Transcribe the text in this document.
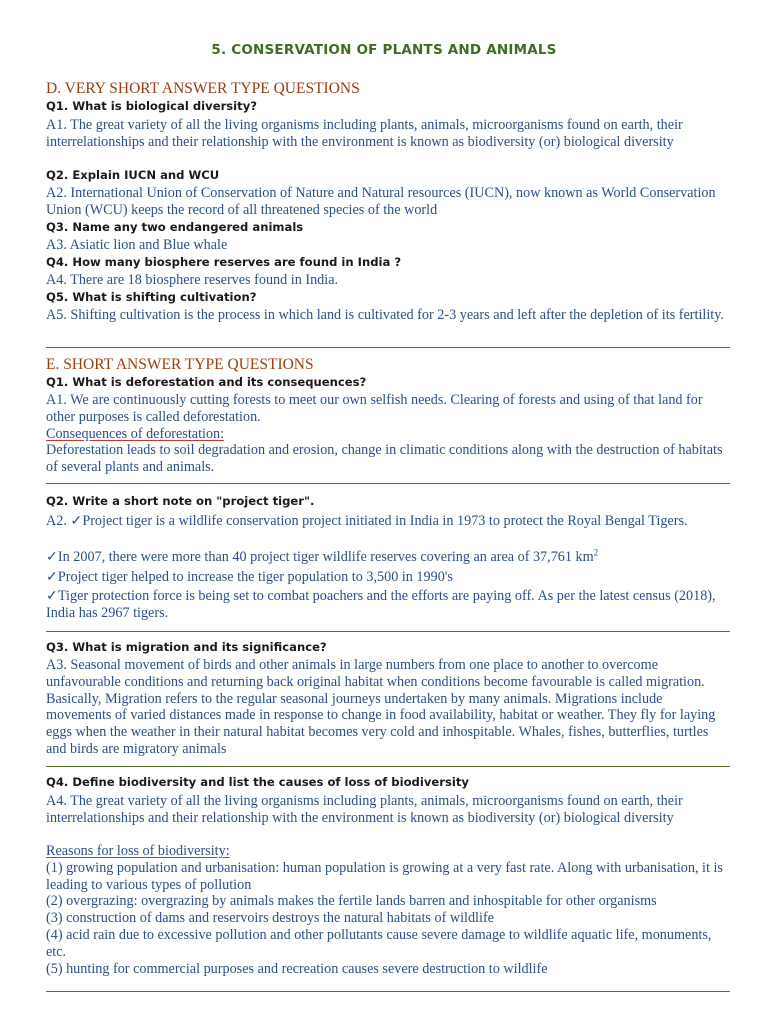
5. CONSERVATION OF PLANTS AND ANIMALS
D. VERY SHORT ANSWER TYPE QUESTIONS
Q1. What is biological diversity?
A1. The great variety of all the living organisms including plants, animals, microorganisms found on earth, their interrelationships and their relationship with the environment is known as biodiversity (or) biological diversity
Q2. Explain IUCN and WCU
A2. International Union of Conservation of Nature and Natural resources (IUCN), now known as World Conservation Union (WCU) keeps the record of all threatened species of the world
Q3. Name any two endangered animals
A3. Asiatic lion and Blue whale
Q4. How many biosphere reserves are found in India ?
A4. There are 18 biosphere reserves found in India.
Q5. What is shifting cultivation?
A5. Shifting cultivation is the process in which land is cultivated for 2-3 years and left after the depletion of its fertility.
E. SHORT ANSWER TYPE QUESTIONS
Q1. What is deforestation and its consequences?
A1. We are continuously cutting forests to meet our own selfish needs. Clearing of forests and using of that land for other purposes is called deforestation.
Consequences of deforestation:
Deforestation leads to soil degradation and erosion, change in climatic conditions along with the destruction of habitats of several plants and animals.
Q2. Write a short note on "project tiger".
A2. ✓Project tiger is a wildlife conservation project initiated in India in 1973 to protect the Royal Bengal Tigers.
✓In 2007, there were more than 40 project tiger wildlife reserves covering an area of 37,761 $km^2$
✓Project tiger helped to increase the tiger population to 3,500 in 1990's
✓Tiger protection force is being set to combat poachers and the efforts are paying off. As per the latest census (2018), India has 2967 tigers.
Q3. What is migration and its significance?
A3. Seasonal movement of birds and other animals in large numbers from one place to another to overcome unfavourable conditions and returning back original habitat when conditions become favourable is called migration. Basically, Migration refers to the regular seasonal journeys undertaken by many animals. Migrations include movements of varied distances made in response to change in food availability, habitat or weather. They fly for laying eggs when the weather in their natural habitat becomes very cold and inhospitable. Whales, fishes, butterflies, turtles and birds are migratory animals
Q4. Define biodiversity and list the causes of loss of biodiversity
A4. The great variety of all the living organisms including plants, animals, microorganisms found on earth, their interrelationships and their relationship with the environment is known as biodiversity (or) biological diversity
Reasons for loss of biodiversity:
(1) growing population and urbanisation: human population is growing at a very fast rate. Along with urbanisation, it is leading to various types of pollution
(2) overgrazing: overgrazing by animals makes the fertile lands barren and inhospitable for other organisms
(3) construction of dams and reservoirs destroys the natural habitats of wildlife
(4) acid rain due to excessive pollution and other pollutants cause severe damage to wildlife aquatic life, monuments, etc.
(5) hunting for commercial purposes and recreation causes severe destruction to wildlife
